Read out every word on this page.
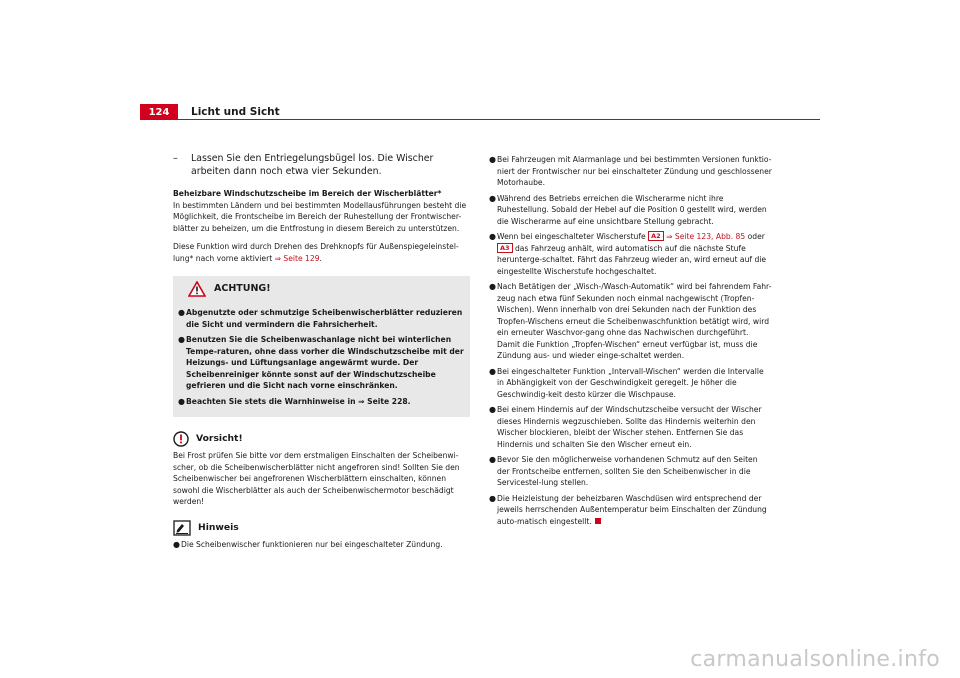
124	Licht und Sicht
–	Lassen Sie den Entriegelungsbügel los. Die Wischer arbeiten dann noch etwa vier Sekunden.

Beheizbare Windschutzscheibe im Bereich der Wischerblätter*

In bestimmten Ländern und bei bestimmten Modellausführungen besteht die Möglichkeit, die Frontscheibe im Bereich der Ruhestellung der Frontwischer-blätter zu beheizen, um die Entfrostung in diesem Bereich zu unterstützen.

Diese Funktion wird durch Drehen des Drehknopfs für Außenspiegeleinstel-lung* nach vorne aktiviert ⇒ Seite 129.

ACHTUNG!
● Abgenutzte oder schmutzige Scheibenwischerblätter reduzieren die Sicht und vermindern die Fahrsicherheit.
● Benutzen Sie die Scheibenwaschanlage nicht bei winterlichen Tempe-raturen, ohne dass vorher die Windschutzscheibe mit der Heizungs- und Lüftungsanlage angewärmt wurde. Der Scheibenreiniger könnte sonst auf der Windschutzscheibe gefrieren und die Sicht nach vorne einschränken.
● Beachten Sie stets die Warnhinweise in ⇒ Seite 228.
Vorsicht!

Bei Frost prüfen Sie bitte vor dem erstmaligen Einschalten der Scheibenwi-scher, ob die Scheibenwischerblätter nicht angefroren sind! Sollten Sie den Scheibenwischer bei angefrorenen Wischerblättern einschalten, können sowohl die Wischerblätter als auch der Scheibenwischermotor beschädigt werden!

Hinweis
● Die Scheibenwischer funktionieren nur bei eingeschalteter Zündung.

● Bei Fahrzeugen mit Alarmanlage und bei bestimmten Versionen funktio-niert der Frontwischer nur bei einschalteter Zündung und geschlossener Motorhaube.

● Während des Betriebs erreichen die Wischerarme nicht ihre Ruhestellung. Sobald der Hebel auf die Position 0 gestellt wird, werden die Wischerarme auf eine unsichtbare Stellung gebracht.

● Wenn bei eingeschalteter Wischerstufe A2 ⇒ Seite 123, Abb. 85 oder A3 das Fahrzeug anhält, wird automatisch auf die nächste Stufe herunterge-schaltet. Fährt das Fahrzeug wieder an, wird erneut auf die eingestellte Wischerstufe hochgeschaltet.

● Nach Betätigen der „Wisch-/Wasch-Automatik“ wird bei fahrendem Fahr-zeug nach etwa fünf Sekunden noch einmal nachgewischt (Tropfen-Wischen). Wenn innerhalb von drei Sekunden nach der Funktion des Tropfen-Wischens erneut die Scheibenwaschfunktion betätigt wird, wird ein erneuter Waschvor-gang ohne das Nachwischen durchgeführt. Damit die Funktion „Tropfen-Wischen“ erneut verfügbar ist, muss die Zündung aus- und wieder einge-schaltet werden.

● Bei eingeschalteter Funktion „Intervall-Wischen“ werden die Intervalle in Abhängigkeit von der Geschwindigkeit geregelt. Je höher die Geschwindig-keit desto kürzer die Wischpause.

● Bei einem Hindernis auf der Windschutzscheibe versucht der Wischer dieses Hindernis wegzuschieben. Sollte das Hindernis weiterhin den Wischer blockieren, bleibt der Wischer stehen. Entfernen Sie das Hindernis und schalten Sie den Wischer erneut ein.

● Bevor Sie den möglicherweise vorhandenen Schmutz auf den Seiten der Frontscheibe entfernen, sollten Sie den Scheibenwischer in die Servicestel-lung stellen.

● Die Heizleistung der beheizbaren Waschdüsen wird entsprechend der jeweils herrschenden Außentemperatur beim Einschalten der Zündung auto-matisch eingestellt.

carmanualsonline.info
